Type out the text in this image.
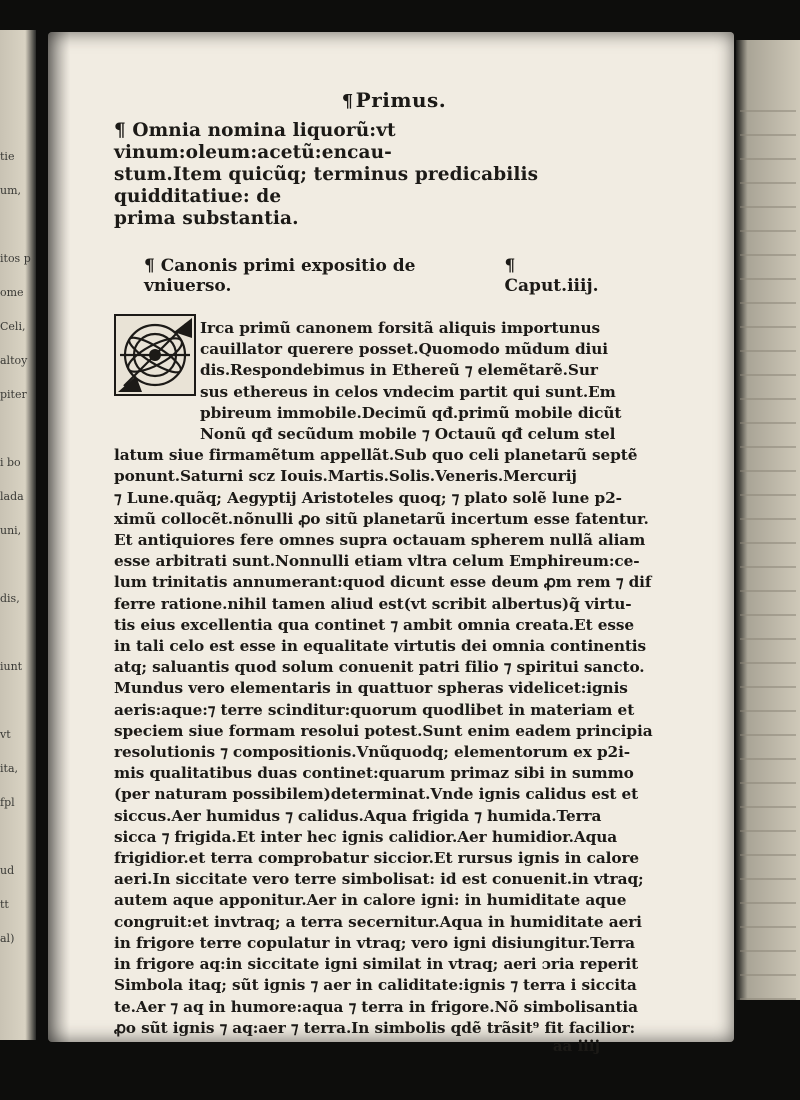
tie
um,
itos p
ome
Celi,
altoy
piter
i bo
lada
uni,
dis,
iunt
vt
ita,
fpl
ud
tt
al)
¶ Primus.
¶ Omnia nomina liquorũ:vt vinum:oleum:acetũ:encau-
stum.Item quicũq; terminus predicabilis quidditatiue: de
prima substantia.
¶ Canonis primi expositio de vniuerso.
¶ Caput.iiij.

Irca primũ canonem forsitã aliquis importunus
cauillator querere posset.Quomodo mũdum diui
dis.Respondebimus in Ethereũ ⁊ elemẽtarẽ.Sur
sus ethereus in celos vndecim partit qui sunt.Em
pbireum immobile.Decimũ qđ.primũ mobile dicũt
Nonũ qđ secũdum mobile ⁊ Octauũ qđ celum stel
latum siue firmamẽtum appellãt.Sub quo celi planetarũ septẽ
ponunt.Saturni scz Iouis.Martis.Solis.Veneris.Mercurij
⁊ Lune.quãq; Aegyptij Aristoteles quoq; ⁊ plato solẽ lune p2-
ximũ collocẽt.nõnulli ꝓo sitũ planetarũ incertum esse fatentur.
Et antiquiores fere omnes supra octauam spherem nullã aliam
esse arbitrati sunt.Nonnulli etiam vltra celum Emphireum:ce-
lum trinitatis annumerant:quod dicunt esse deum ꝓm rem ⁊ dif
ferre ratione.nihil tamen aliud est(vt scribit albertus)q̃ virtu-
tis eius excellentia qua continet ⁊ ambit omnia creata.Et esse
in tali celo est esse in equalitate virtutis dei omnia continentis
atq; saluantis quod solum conuenit patri filio ⁊ spiritui sancto.
Mundus vero elementaris in quattuor spheras videlicet:ignis
aeris:aque:⁊ terre scinditur:quorum quodlibet in materiam et
speciem siue formam resolui potest.Sunt enim eadem principia
resolutionis ⁊ compositionis.Vnũquodq; elementorum ex p2i-
mis qualitatibus duas continet:quarum primaz sibi in summo
(per naturam possibilem)determinat.Vnde ignis calidus est et
siccus.Aer humidus ⁊ calidus.Aqua frigida ⁊ humida.Terra
sicca ⁊ frigida.Et inter hec ignis calidior.Aer humidior.Aqua
frigidior.et terra comprobatur siccior.Et rursus ignis in calore
aeri.In siccitate vero terre simbolisat: id est conuenit.in vtraq;
autem aque apponitur.Aer in calore igni: in humiditate aque
congruit:et invtraq; a terra secernitur.Aqua in humiditate aeri
in frigore terre copulatur in vtraq; vero igni disiungitur.Terra
in frigore aq:in siccitate igni similat in vtraq; aeri ɔria reperit
Simbola itaq; sũt ignis ⁊ aer in caliditate:ignis ⁊ terra i siccita
te.Aer ⁊ aq in humore:aqua ⁊ terra in frigore.Nõ simbolisantia
ꝓo sũt ignis ⁊ aq:aer ⁊ terra.In simbolis qdẽ trãsit⁹ fit facilior:

aa iiij
